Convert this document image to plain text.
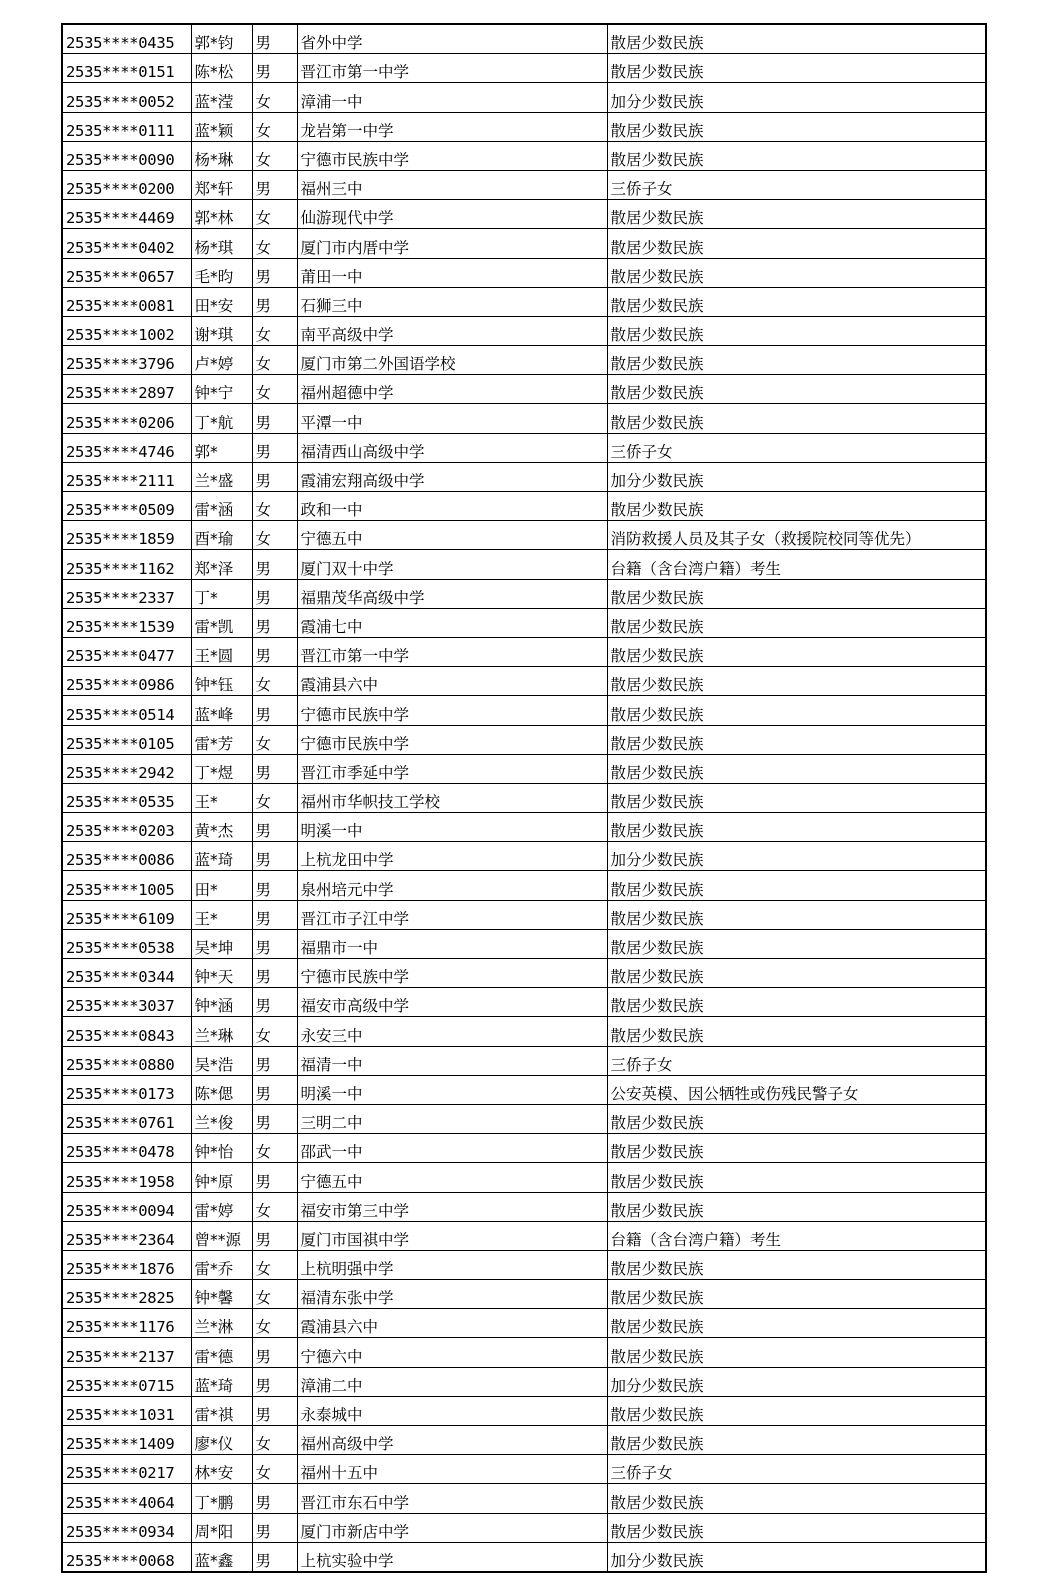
2535****0435	郭*钧	男	省外中学	散居少数民族
2535****0151	陈*松	男	晋江市第一中学	散居少数民族
2535****0052	蓝*滢	女	漳浦一中	加分少数民族
2535****0111	蓝*颖	女	龙岩第一中学	散居少数民族
2535****0090	杨*琳	女	宁德市民族中学	散居少数民族
2535****0200	郑*轩	男	福州三中	三侨子女
2535****4469	郭*林	女	仙游现代中学	散居少数民族
2535****0402	杨*琪	女	厦门市内厝中学	散居少数民族
2535****0657	毛*昀	男	莆田一中	散居少数民族
2535****0081	田*安	男	石狮三中	散居少数民族
2535****1002	谢*琪	女	南平高级中学	散居少数民族
2535****3796	卢*婷	女	厦门市第二外国语学校	散居少数民族
2535****2897	钟*宁	女	福州超德中学	散居少数民族
2535****0206	丁*航	男	平潭一中	散居少数民族
2535****4746	郭*	男	福清西山高级中学	三侨子女
2535****2111	兰*盛	男	霞浦宏翔高级中学	加分少数民族
2535****0509	雷*涵	女	政和一中	散居少数民族
2535****1859	酉*瑜	女	宁德五中	消防救援人员及其子女（救援院校同等优先）
2535****1162	郑*泽	男	厦门双十中学	台籍（含台湾户籍）考生
2535****2337	丁*	男	福鼎茂华高级中学	散居少数民族
2535****1539	雷*凯	男	霞浦七中	散居少数民族
2535****0477	王*圆	男	晋江市第一中学	散居少数民族
2535****0986	钟*钰	女	霞浦县六中	散居少数民族
2535****0514	蓝*峰	男	宁德市民族中学	散居少数民族
2535****0105	雷*芳	女	宁德市民族中学	散居少数民族
2535****2942	丁*煜	男	晋江市季延中学	散居少数民族
2535****0535	王*	女	福州市华帜技工学校	散居少数民族
2535****0203	黄*杰	男	明溪一中	散居少数民族
2535****0086	蓝*琦	男	上杭龙田中学	加分少数民族
2535****1005	田*	男	泉州培元中学	散居少数民族
2535****6109	王*	男	晋江市子江中学	散居少数民族
2535****0538	吴*坤	男	福鼎市一中	散居少数民族
2535****0344	钟*天	男	宁德市民族中学	散居少数民族
2535****3037	钟*涵	男	福安市高级中学	散居少数民族
2535****0843	兰*琳	女	永安三中	散居少数民族
2535****0880	吴*浩	男	福清一中	三侨子女
2535****0173	陈*偲	男	明溪一中	公安英模、因公牺牲或伤残民警子女
2535****0761	兰*俊	男	三明二中	散居少数民族
2535****0478	钟*怡	女	邵武一中	散居少数民族
2535****1958	钟*原	男	宁德五中	散居少数民族
2535****0094	雷*婷	女	福安市第三中学	散居少数民族
2535****2364	曾**源	男	厦门市国祺中学	台籍（含台湾户籍）考生
2535****1876	雷*乔	女	上杭明强中学	散居少数民族
2535****2825	钟*馨	女	福清东张中学	散居少数民族
2535****1176	兰*淋	女	霞浦县六中	散居少数民族
2535****2137	雷*德	男	宁德六中	散居少数民族
2535****0715	蓝*琦	男	漳浦二中	加分少数民族
2535****1031	雷*祺	男	永泰城中	散居少数民族
2535****1409	廖*仪	女	福州高级中学	散居少数民族
2535****0217	林*安	女	福州十五中	三侨子女
2535****4064	丁*鹏	男	晋江市东石中学	散居少数民族
2535****0934	周*阳	男	厦门市新店中学	散居少数民族
2535****0068	蓝*鑫	男	上杭实验中学	加分少数民族
